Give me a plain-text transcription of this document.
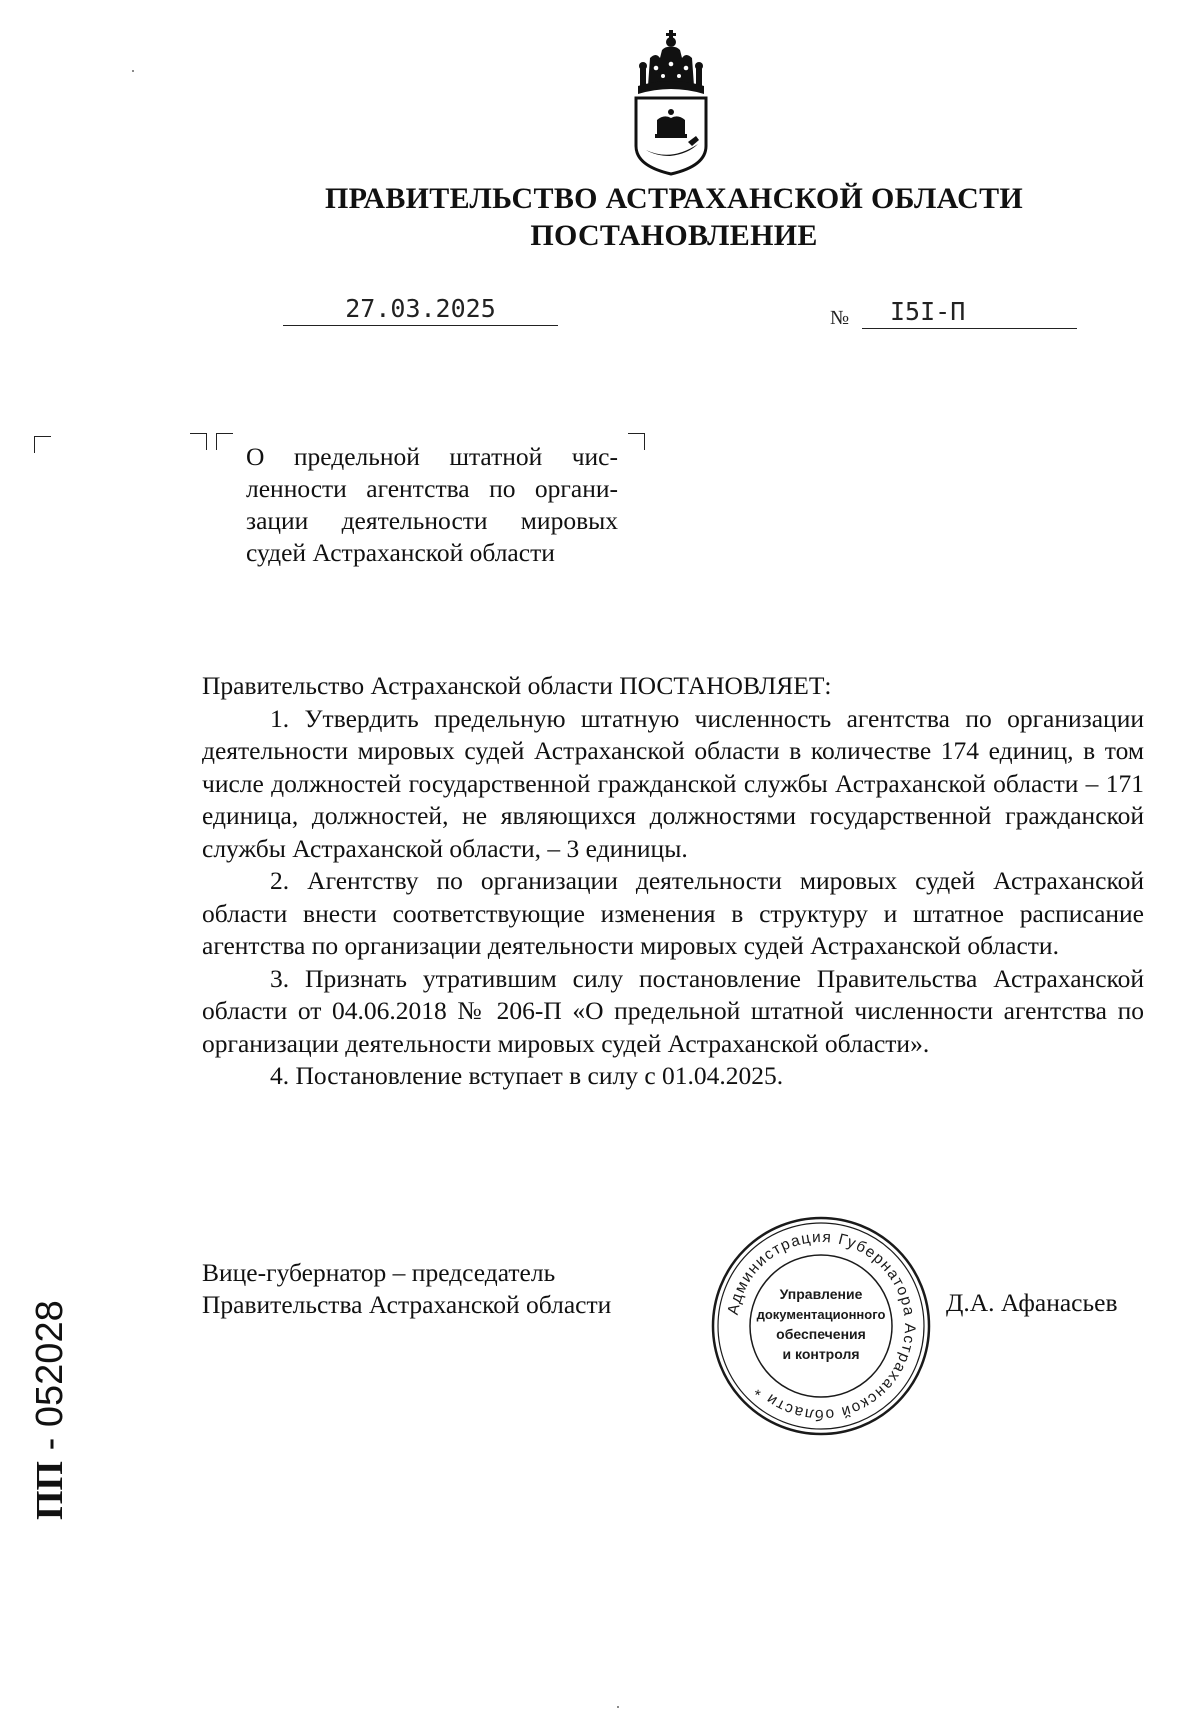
ПРАВИТЕЛЬСТВО АСТРАХАНСКОЙ ОБЛАСТИ
ПОСТАНОВЛЕНИЕ
27.03.2025	№	I5I-П
О предельной штатной численности агентства по организации деятельности мировых судей Астраханской области

Правительство Астраханской области ПОСТАНОВЛЯЕТ:

1. Утвердить предельную штатную численность агентства по организации деятельности мировых судей Астраханской области в количестве 174 единиц, в том числе должностей государственной гражданской службы Астраханской области – 171 единица, должностей, не являющихся должностями государственной гражданской службы Астраханской области, – 3 единицы.

2. Агентству по организации деятельности мировых судей Астраханской области внести соответствующие изменения в структуру и штатное расписание агентства по организации деятельности мировых судей Астраханской области.

3. Признать утратившим силу постановление Правительства Астраханской области от 04.06.2018 № 206-П «О предельной штатной численности агентства по организации деятельности мировых судей Астраханской области».

4. Постановление вступает в силу с 01.04.2025.

Вице-губернатор – председатель
Правительства Астраханской области	Администрация Губернатора Астраханской области *
Управление
документационного
обеспечения
и контроля
Д.А. Афанасьев
ПП - 052028
